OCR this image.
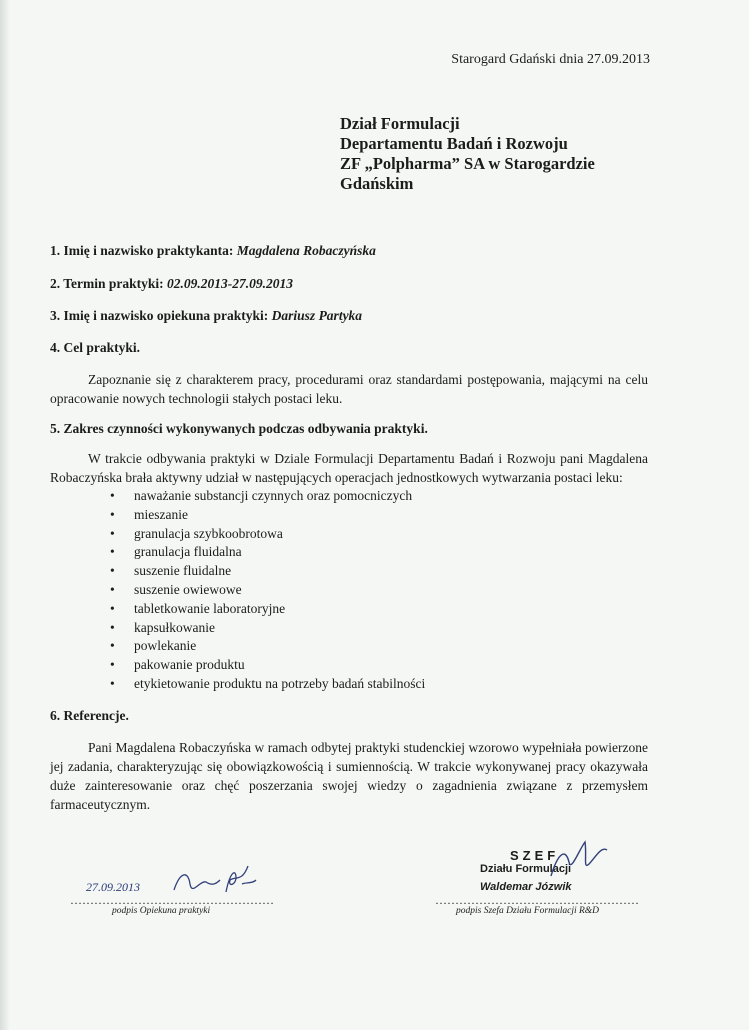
Starogard Gdański dnia 27.09.2013
Dział Formulacji
Departamentu Badań i Rozwoju
ZF „Polpharma” SA w Starogardzie
Gdańskim
1. Imię i nazwisko praktykanta: Magdalena Robaczyńska
2. Termin praktyki: 02.09.2013-27.09.2013
3. Imię i nazwisko opiekuna praktyki: Dariusz Partyka
4. Cel praktyki.
Zapoznanie się z charakterem pracy, procedurami oraz standardami postępowania, mającymi na celu opracowanie nowych technologii stałych postaci leku.
5. Zakres czynności wykonywanych podczas odbywania praktyki.
W trakcie odbywania praktyki w Dziale Formulacji Departamentu Badań i Rozwoju pani Magdalena Robaczyńska brała aktywny udział w następujących operacjach jednostkowych wytwarzania postaci leku:
• naważanie substancji czynnych oraz pomocniczych
• mieszanie
• granulacja szybkoobrotowa
• granulacja fluidalna
• suszenie fluidalne
• suszenie owiewowe
• tabletkowanie laboratoryjne
• kapsułkowanie
• powlekanie
• pakowanie produktu
• etykietowanie produktu na potrzeby badań stabilności
6. Referencje.
Pani Magdalena Robaczyńska w ramach odbytej praktyki studenckiej wzorowo wypełniała powierzone jej zadania, charakteryzując się obowiązkowością i sumiennością. W trakcie wykonywanej pracy okazywała duże zainteresowanie oraz chęć poszerzania swojej wiedzy o zagadnienia związane z przemysłem farmaceutycznym.
27.09.2013
……………………………………………
podpis Opiekuna praktyki
SZEF
Działu Formulacji
Waldemar Józwik
……………………………………………
podpis Szefa Działu Formulacji R&D
